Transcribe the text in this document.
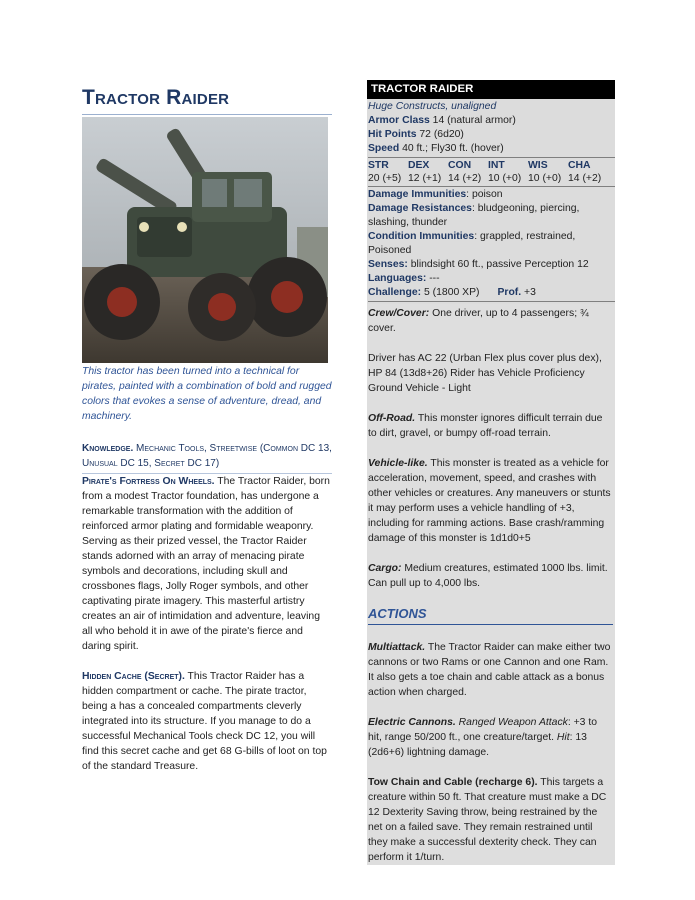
Tractor Raider

This tractor has been turned into a technical for pirates, painted with a combination of bold and rugged colors that evokes a sense of adventure, dread, and machinery.

Knowledge. Mechanic Tools, Streetwise (Common DC 13, Unusual DC 15, Secret DC 17)

Pirate's Fortress On Wheels. The Tractor Raider, born from a modest Tractor foundation, has undergone a remarkable transformation with the addition of reinforced armor plating and formidable weaponry. Serving as their prized vessel, the Tractor Raider stands adorned with an array of menacing pirate symbols and decorations, including skull and crossbones flags, Jolly Roger symbols, and other captivating pirate imagery. This masterful artistry creates an air of intimidation and adventure, leaving all who behold it in awe of the pirate's fierce and daring spirit.

Hidden Cache (Secret). This Tractor Raider has a hidden compartment or cache. The pirate tractor, being a has a concealed compartments cleverly integrated into its structure. If you manage to do a successful Mechanical Tools check DC 12, you will find this secret cache and get 68 G-bills of loot on top of the standard Treasure.

TRACTOR RAIDER
Huge Constructs, unaligned
Armor Class 14 (natural armor)
Hit Points 72 (6d20)
Speed 40 ft.; Fly30 ft. (hover)
STR	DEX	CON	INT	WIS	CHA
20 (+5) 12 (+1) 14 (+2) 10 (+0) 10 (+0) 14 (+2)
Damage Immunities: poison
Damage Resistances: bludgeoning, piercing, slashing, thunder
Condition Immunities: grappled, restrained, Poisoned
Senses: blindsight 60 ft., passive Perception 12
Languages: ---
Challenge: 5 (1800 XP) Prof. +3

Crew/Cover: One driver, up to 4 passengers; ¾ cover.

Driver has AC 22 (Urban Flex plus cover plus dex), HP 84 (13d8+26) Rider has Vehicle Proficiency Ground Vehicle - Light

Off-Road. This monster ignores difficult terrain due to dirt, gravel, or bumpy off-road terrain.

Vehicle-like. This monster is treated as a vehicle for acceleration, movement, speed, and crashes with other vehicles or creatures. Any maneuvers or stunts it may perform uses a vehicle handling of +3, including for ramming actions. Base crash/ramming damage of this monster is 1d1d0+5

Cargo: Medium creatures, estimated 1000 lbs. limit. Can pull up to 4,000 lbs.

ACTIONS

Multiattack. The Tractor Raider can make either two cannons or two Rams or one Cannon and one Ram. It also gets a toe chain and cable attack as a bonus action when charged.

Electric Cannons. Ranged Weapon Attack: +3 to hit, range 50/200 ft., one creature/target. Hit: 13 (2d6+6) lightning damage.

Tow Chain and Cable (recharge 6). This targets a creature within 50 ft. That creature must make a DC 12 Dexterity Saving throw, being restrained by the net on a failed save. They remain restrained until they make a successful dexterity check. They can perform it 1/turn.
